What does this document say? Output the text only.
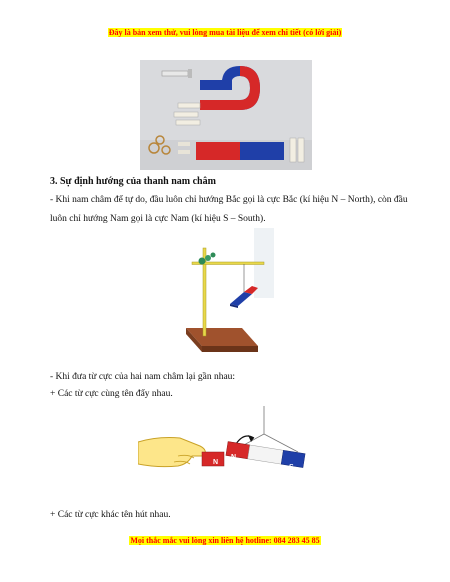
Đây là bản xem thử, vui lòng mua tài liệu để xem chi tiết (có lời giải)
3. Sự định hướng của thanh nam châm
- Khi nam châm để tự do, đầu luôn chỉ hướng Bắc gọi là cực Bắc (kí hiệu N – North), còn đầu luôn chỉ hướng Nam gọi là cực Nam (kí hiệu S – South).
- Khi đưa từ cực của hai nam châm lại gần nhau:
+ Các từ cực cùng tên đẩy nhau.
N
N
S
+ Các từ cực khác tên hút nhau.
Mọi thắc mắc vui lòng xin liên hệ hotline: 084 283 45 85
